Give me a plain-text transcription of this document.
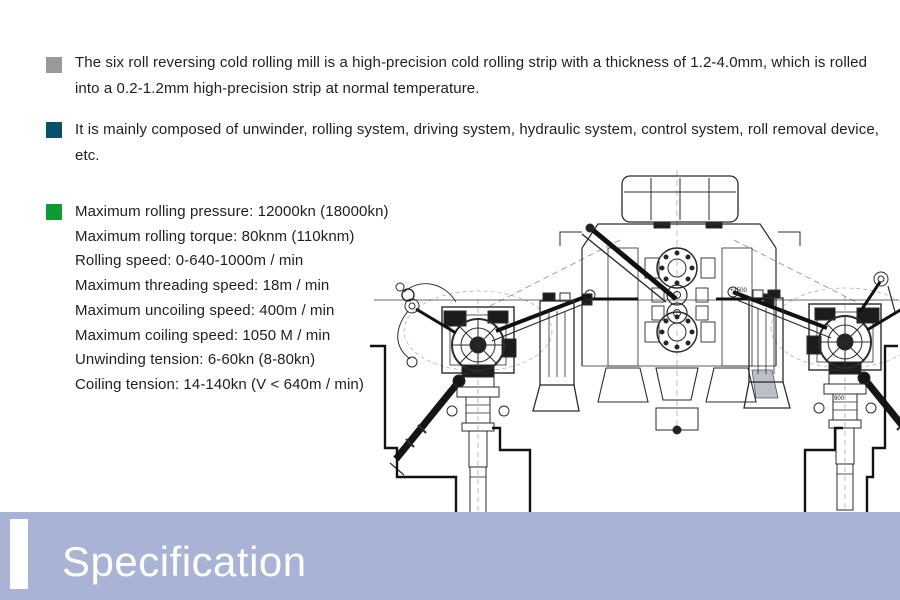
The six roll reversing cold rolling mill is a high-precision cold rolling strip with a thickness of 1.2-4.0mm, which is rolled
into a 0.2-1.2mm high-precision strip at normal temperature.
It is mainly composed of unwinder, rolling system, driving system, hydraulic system, control system, roll removal device,
etc.
Maximum rolling pressure: 12000kn (18000kn)
Maximum rolling torque: 80knm (110knm)
Rolling speed: 0-640-1000m / min
Maximum threading speed: 18m / min
Maximum uncoiling speed: 400m / min
Maximum coiling speed: 1050 M / min
Unwinding tension: 6-60kn (8-80kn)
Coiling tension: 14-140kn (V < 640m / min)
+1500
900
Specification
